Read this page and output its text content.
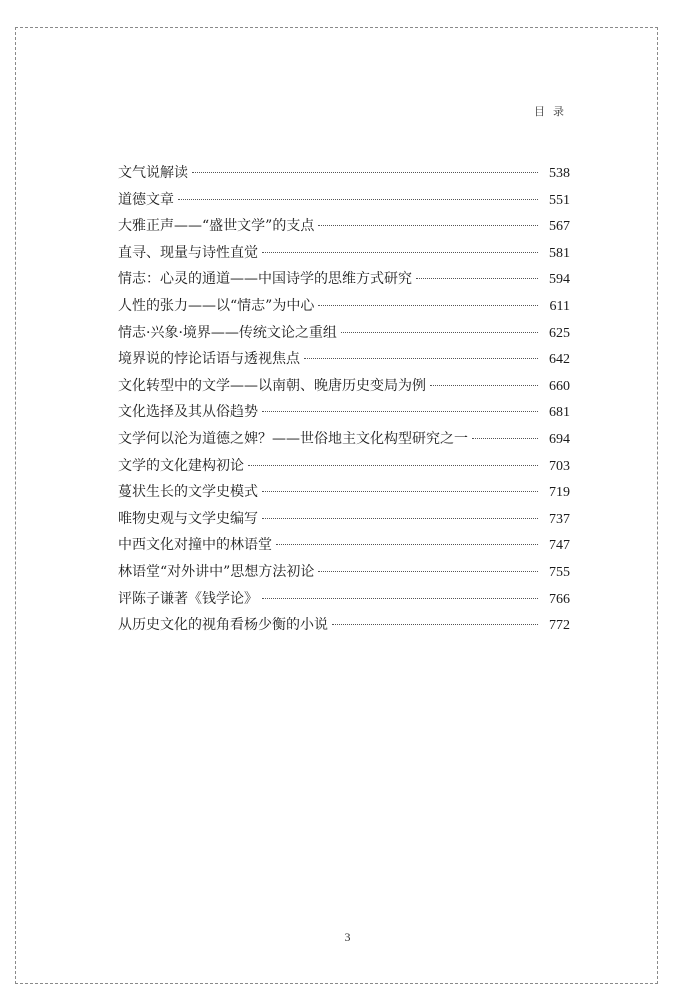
目录
文气说解读	538
道德文章	551
大雅正声——“盛世文学”的支点	567
直寻、现量与诗性直觉	581
情志：心灵的通道——中国诗学的思维方式研究	594
人性的张力——以“情志”为中心	611
情志·兴象·境界——传统文论之重组	625
境界说的悖论话语与透视焦点	642
文化转型中的文学——以南朝、晚唐历史变局为例	660
文化选择及其从俗趋势	681
文学何以沦为道德之婢？——世俗地主文化构型研究之一	694
文学的文化建构初论	703
蔓状生长的文学史模式	719
唯物史观与文学史编写	737
中西文化对撞中的林语堂	747
林语堂“对外讲中”思想方法初论	755
评陈子谦著《钱学论》	766
从历史文化的视角看杨少衡的小说	772
3
